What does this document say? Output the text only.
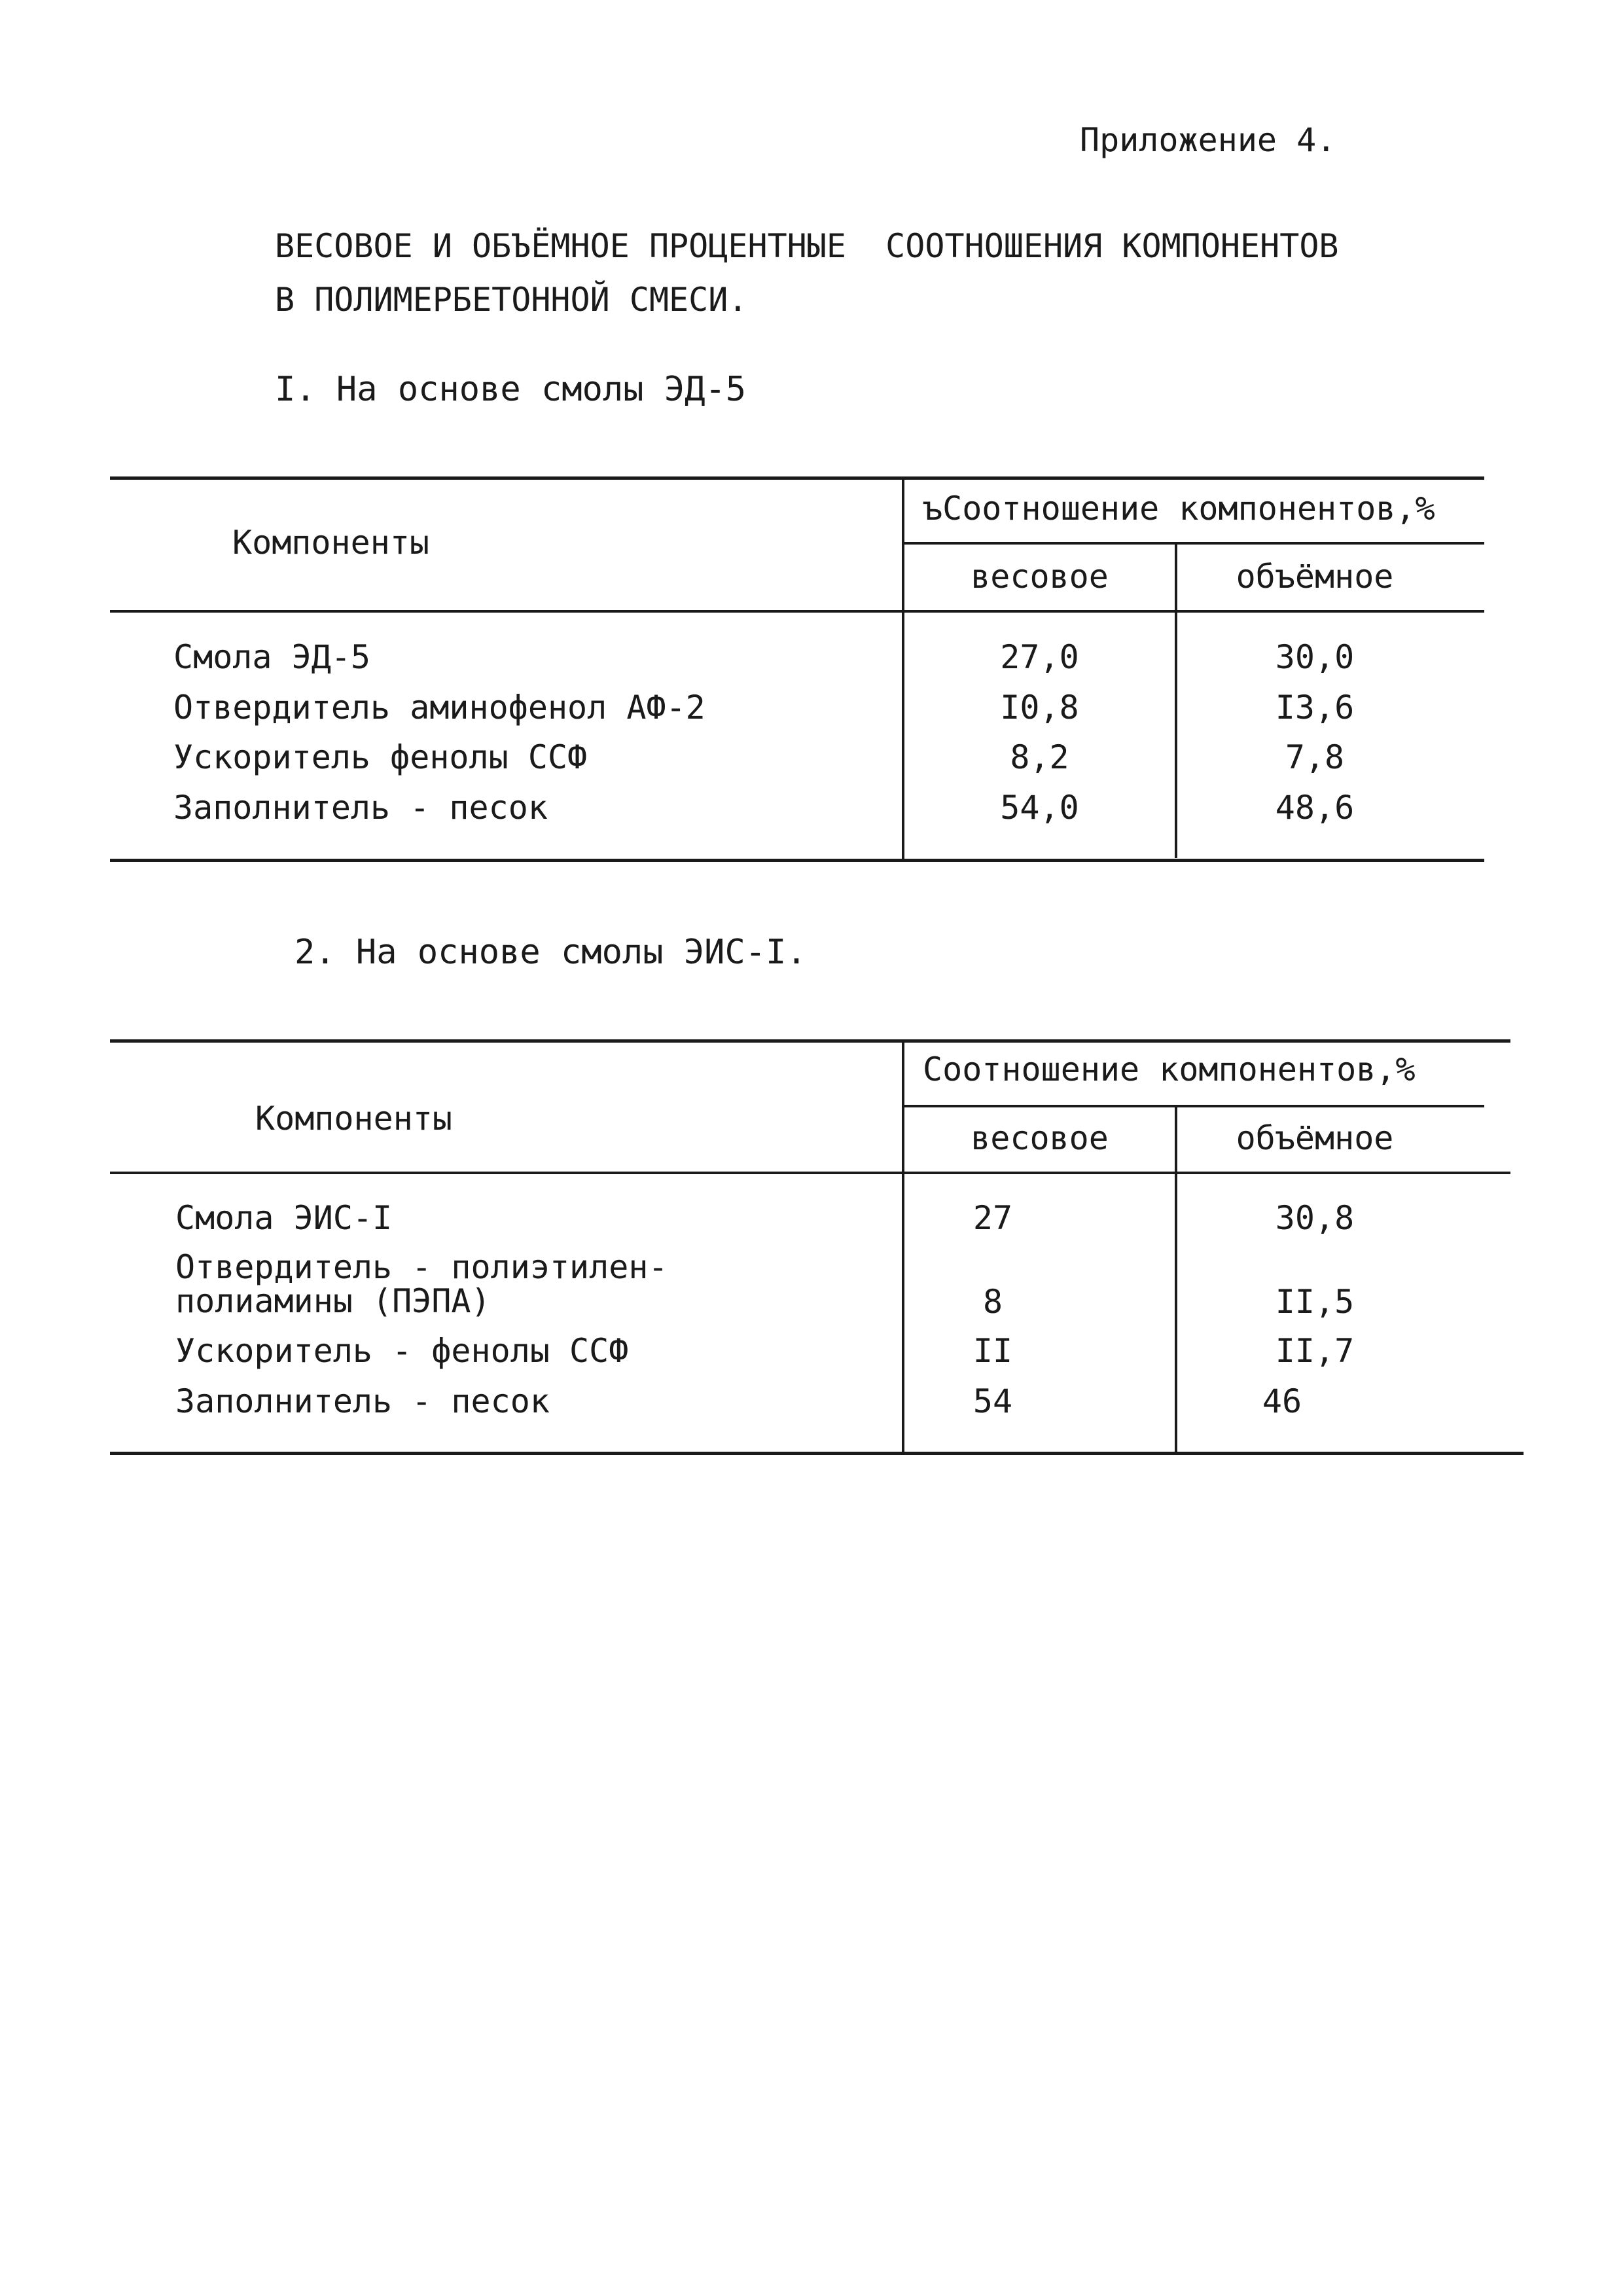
Приложение 4.
ВЕСОВОЕ И ОБЪЁМНОЕ ПРОЦЕНТНЫЕ  СООТНОШЕНИЯ КОМПОНЕНТОВ
В ПОЛИМЕРБЕТОННОЙ СМЕСИ.
I. На основе смолы ЭД-5
Компоненты
ъСоотношение компонентов,%
весовое	объёмное
Смола ЭД-5	27,0	30,0
Отвердитель аминофенол АФ-2	I0,8	I3,6
Ускоритель фенолы ССФ	8,2	7,8
Заполнитель - песок	54,0	48,6
2. На основе смолы ЭИС-I.
Компоненты
Соотношение компонентов,%
весовое	объёмное
Смола ЭИС-I	27	30,8
Отвердитель - полиэтилен-
полиамины (ПЭПА)	8	II,5
Ускоритель - фенолы ССФ	II	II,7
Заполнитель - песок	54	46
